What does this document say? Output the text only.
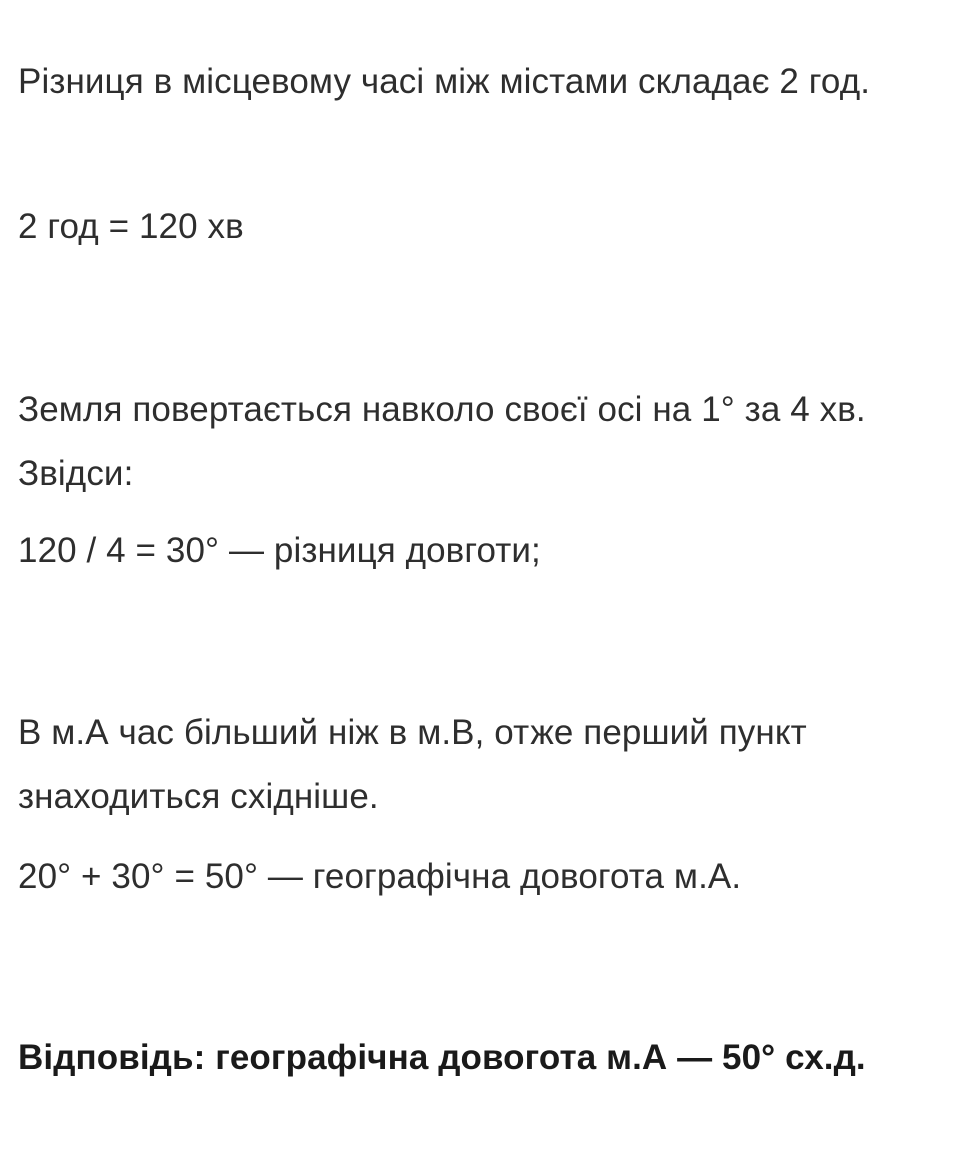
Різниця в місцевому часі між містами складає 2 год.

2 год = 120 хв

Земля повертається навколо своєї осі на 1° за 4 хв. Звідси:

120 / 4 = 30° — різниця довготи;

В м.А час більший ніж в м.В, отже перший пункт знаходиться східніше.

20° + 30° = 50° — географічна довогота м.А.

Відповідь: географічна довогота м.А — 50° сх.д.
